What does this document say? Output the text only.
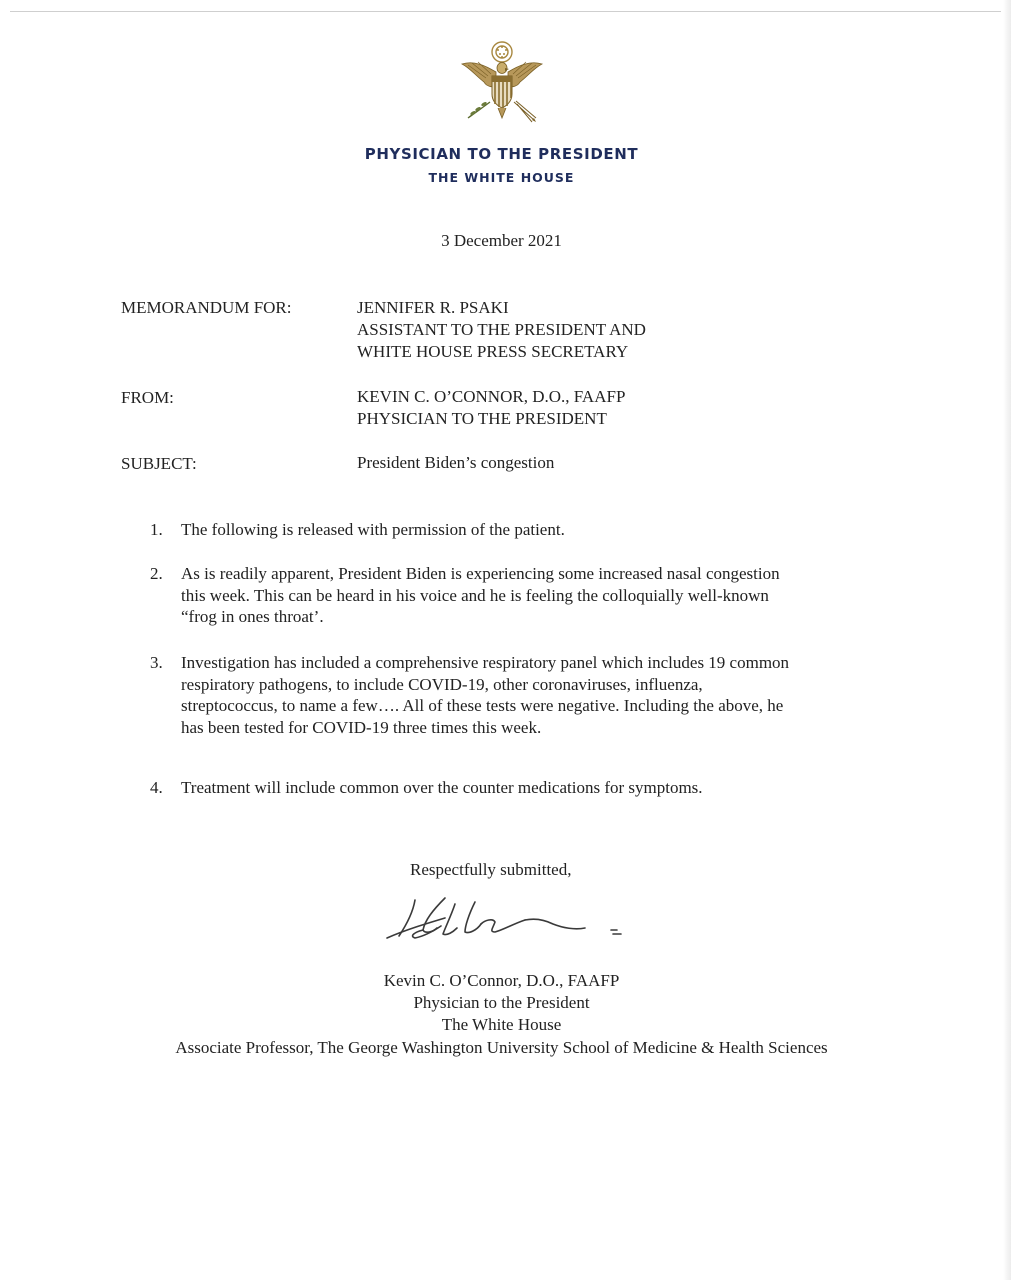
PHYSICIAN TO THE PRESIDENT
THE WHITE HOUSE
3 December 2021
MEMORANDUM FOR:	JENNIFER R. PSAKI
ASSISTANT TO THE PRESIDENT AND
WHITE HOUSE PRESS SECRETARY
FROM:	KEVIN C. O’CONNOR, D.O., FAAFP
PHYSICIAN TO THE PRESIDENT
SUBJECT:	President Biden’s congestion
1. The following is released with permission of the patient.
2. As is readily apparent, President Biden is experiencing some increased nasal congestion
this week. This can be heard in his voice and he is feeling the colloquially well-known
“frog in ones throat’.
3. Investigation has included a comprehensive respiratory panel which includes 19 common
respiratory pathogens, to include COVID-19, other coronaviruses, influenza,
streptococcus, to name a few…. All of these tests were negative. Including the above, he
has been tested for COVID-19 three times this week.
4. Treatment will include common over the counter medications for symptoms.
Respectfully submitted,
Kevin C. O’Connor, D.O., FAAFP
Physician to the President
The White House
Associate Professor, The George Washington University School of Medicine & Health Sciences
